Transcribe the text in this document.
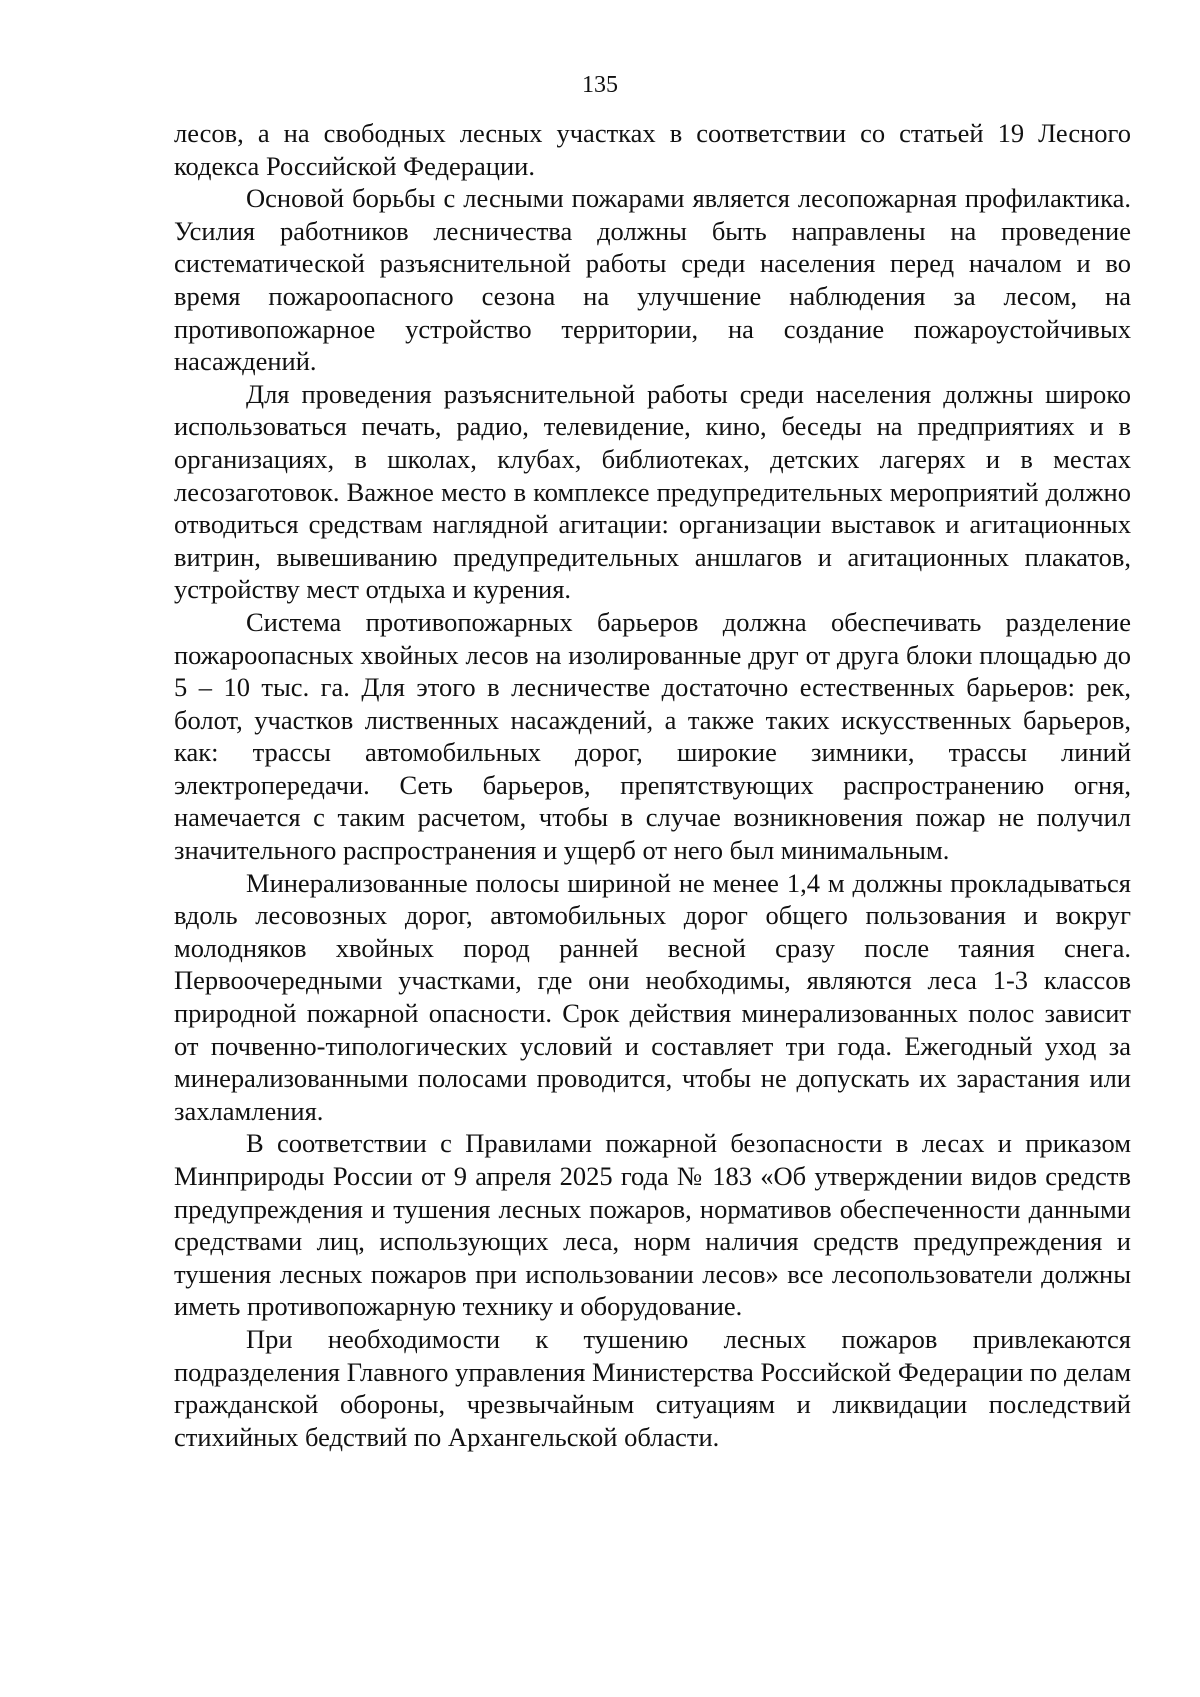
135

лесов, а на свободных лесных участках в соответствии со статьей 19 Лесного кодекса Российской Федерации.

Основой борьбы с лесными пожарами является лесопожарная профилактика. Усилия работников лесничества должны быть направлены на проведение систематической разъяснительной работы среди населения перед началом и во время пожароопасного сезона на улучшение наблюдения за лесом, на противопожарное устройство территории, на создание пожароустойчивых насаждений.

Для проведения разъяснительной работы среди населения должны широко использоваться печать, радио, телевидение, кино, беседы на предприятиях и в организациях, в школах, клубах, библиотеках, детских лагерях и в местах лесозаготовок. Важное место в комплексе предупредительных мероприятий должно отводиться средствам наглядной агитации: организации выставок и агитационных витрин, вывешиванию предупредительных аншлагов и агитационных плакатов, устройству мест отдыха и курения.

Система противопожарных барьеров должна обеспечивать разделение пожароопасных хвойных лесов на изолированные друг от друга блоки площадью до 5 – 10 тыс. га. Для этого в лесничестве достаточно естественных барьеров: рек, болот, участков лиственных насаждений, а также таких искусственных барьеров, как: трассы автомобильных дорог, широкие зимники, трассы линий электропередачи. Сеть барьеров, препятствующих распространению огня, намечается с таким расчетом, чтобы в случае возникновения пожар не получил значительного распространения и ущерб от него был минимальным.

Минерализованные полосы шириной не менее 1,4 м должны прокладываться вдоль лесовозных дорог, автомобильных дорог общего пользования и вокруг молодняков хвойных пород ранней весной сразу после таяния снега. Первоочередными участками, где они необходимы, являются леса 1-3 классов природной пожарной опасности. Срок действия минерализованных полос зависит от почвенно-типологических условий и составляет три года. Ежегодный уход за минерализованными полосами проводится, чтобы не допускать их зарастания или захламления.

В соответствии с Правилами пожарной безопасности в лесах и приказом Минприроды России от 9 апреля 2025 года № 183 «Об утверждении видов средств предупреждения и тушения лесных пожаров, нормативов обеспеченности данными средствами лиц, использующих леса, норм наличия средств предупреждения и тушения лесных пожаров при использовании лесов» все лесопользователи должны иметь противопожарную технику и оборудование.

При необходимости к тушению лесных пожаров привлекаются подразделения Главного управления Министерства Российской Федерации по делам гражданской обороны, чрезвычайным ситуациям и ликвидации последствий стихийных бедствий по Архангельской области.
